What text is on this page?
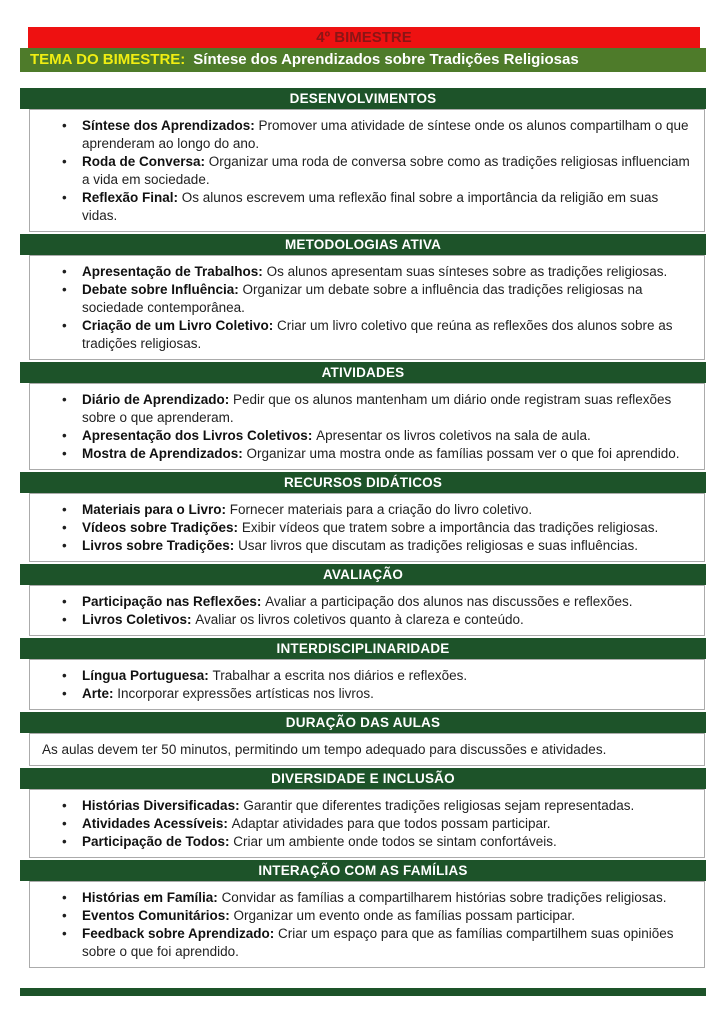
4º BIMESTRE
TEMA DO BIMESTRE: Síntese dos Aprendizados sobre Tradições Religiosas
DESENVOLVIMENTOS
• Síntese dos Aprendizados: Promover uma atividade de síntese onde os alunos compartilham o que aprenderam ao longo do ano.
• Roda de Conversa: Organizar uma roda de conversa sobre como as tradições religiosas influenciam a vida em sociedade.
• Reflexão Final: Os alunos escrevem uma reflexão final sobre a importância da religião em suas vidas.
METODOLOGIAS ATIVA
• Apresentação de Trabalhos: Os alunos apresentam suas sínteses sobre as tradições religiosas.
• Debate sobre Influência: Organizar um debate sobre a influência das tradições religiosas na sociedade contemporânea.
• Criação de um Livro Coletivo: Criar um livro coletivo que reúna as reflexões dos alunos sobre as tradições religiosas.
ATIVIDADES
• Diário de Aprendizado: Pedir que os alunos mantenham um diário onde registram suas reflexões sobre o que aprenderam.
• Apresentação dos Livros Coletivos: Apresentar os livros coletivos na sala de aula.
• Mostra de Aprendizados: Organizar uma mostra onde as famílias possam ver o que foi aprendido.
RECURSOS DIDÁTICOS
• Materiais para o Livro: Fornecer materiais para a criação do livro coletivo.
• Vídeos sobre Tradições: Exibir vídeos que tratem sobre a importância das tradições religiosas.
• Livros sobre Tradições: Usar livros que discutam as tradições religiosas e suas influências.
AVALIAÇÃO
• Participação nas Reflexões: Avaliar a participação dos alunos nas discussões e reflexões.
• Livros Coletivos: Avaliar os livros coletivos quanto à clareza e conteúdo.
INTERDISCIPLINARIDADE
• Língua Portuguesa: Trabalhar a escrita nos diários e reflexões.
• Arte: Incorporar expressões artísticas nos livros.
DURAÇÃO DAS AULAS

As aulas devem ter 50 minutos, permitindo um tempo adequado para discussões e atividades.

DIVERSIDADE E INCLUSÃO
• Histórias Diversificadas: Garantir que diferentes tradições religiosas sejam representadas.
• Atividades Acessíveis: Adaptar atividades para que todos possam participar.
• Participação de Todos: Criar um ambiente onde todos se sintam confortáveis.
INTERAÇÃO COM AS FAMÍLIAS
• Histórias em Família: Convidar as famílias a compartilharem histórias sobre tradições religiosas.
• Eventos Comunitários: Organizar um evento onde as famílias possam participar.
• Feedback sobre Aprendizado: Criar um espaço para que as famílias compartilhem suas opiniões sobre o que foi aprendido.
